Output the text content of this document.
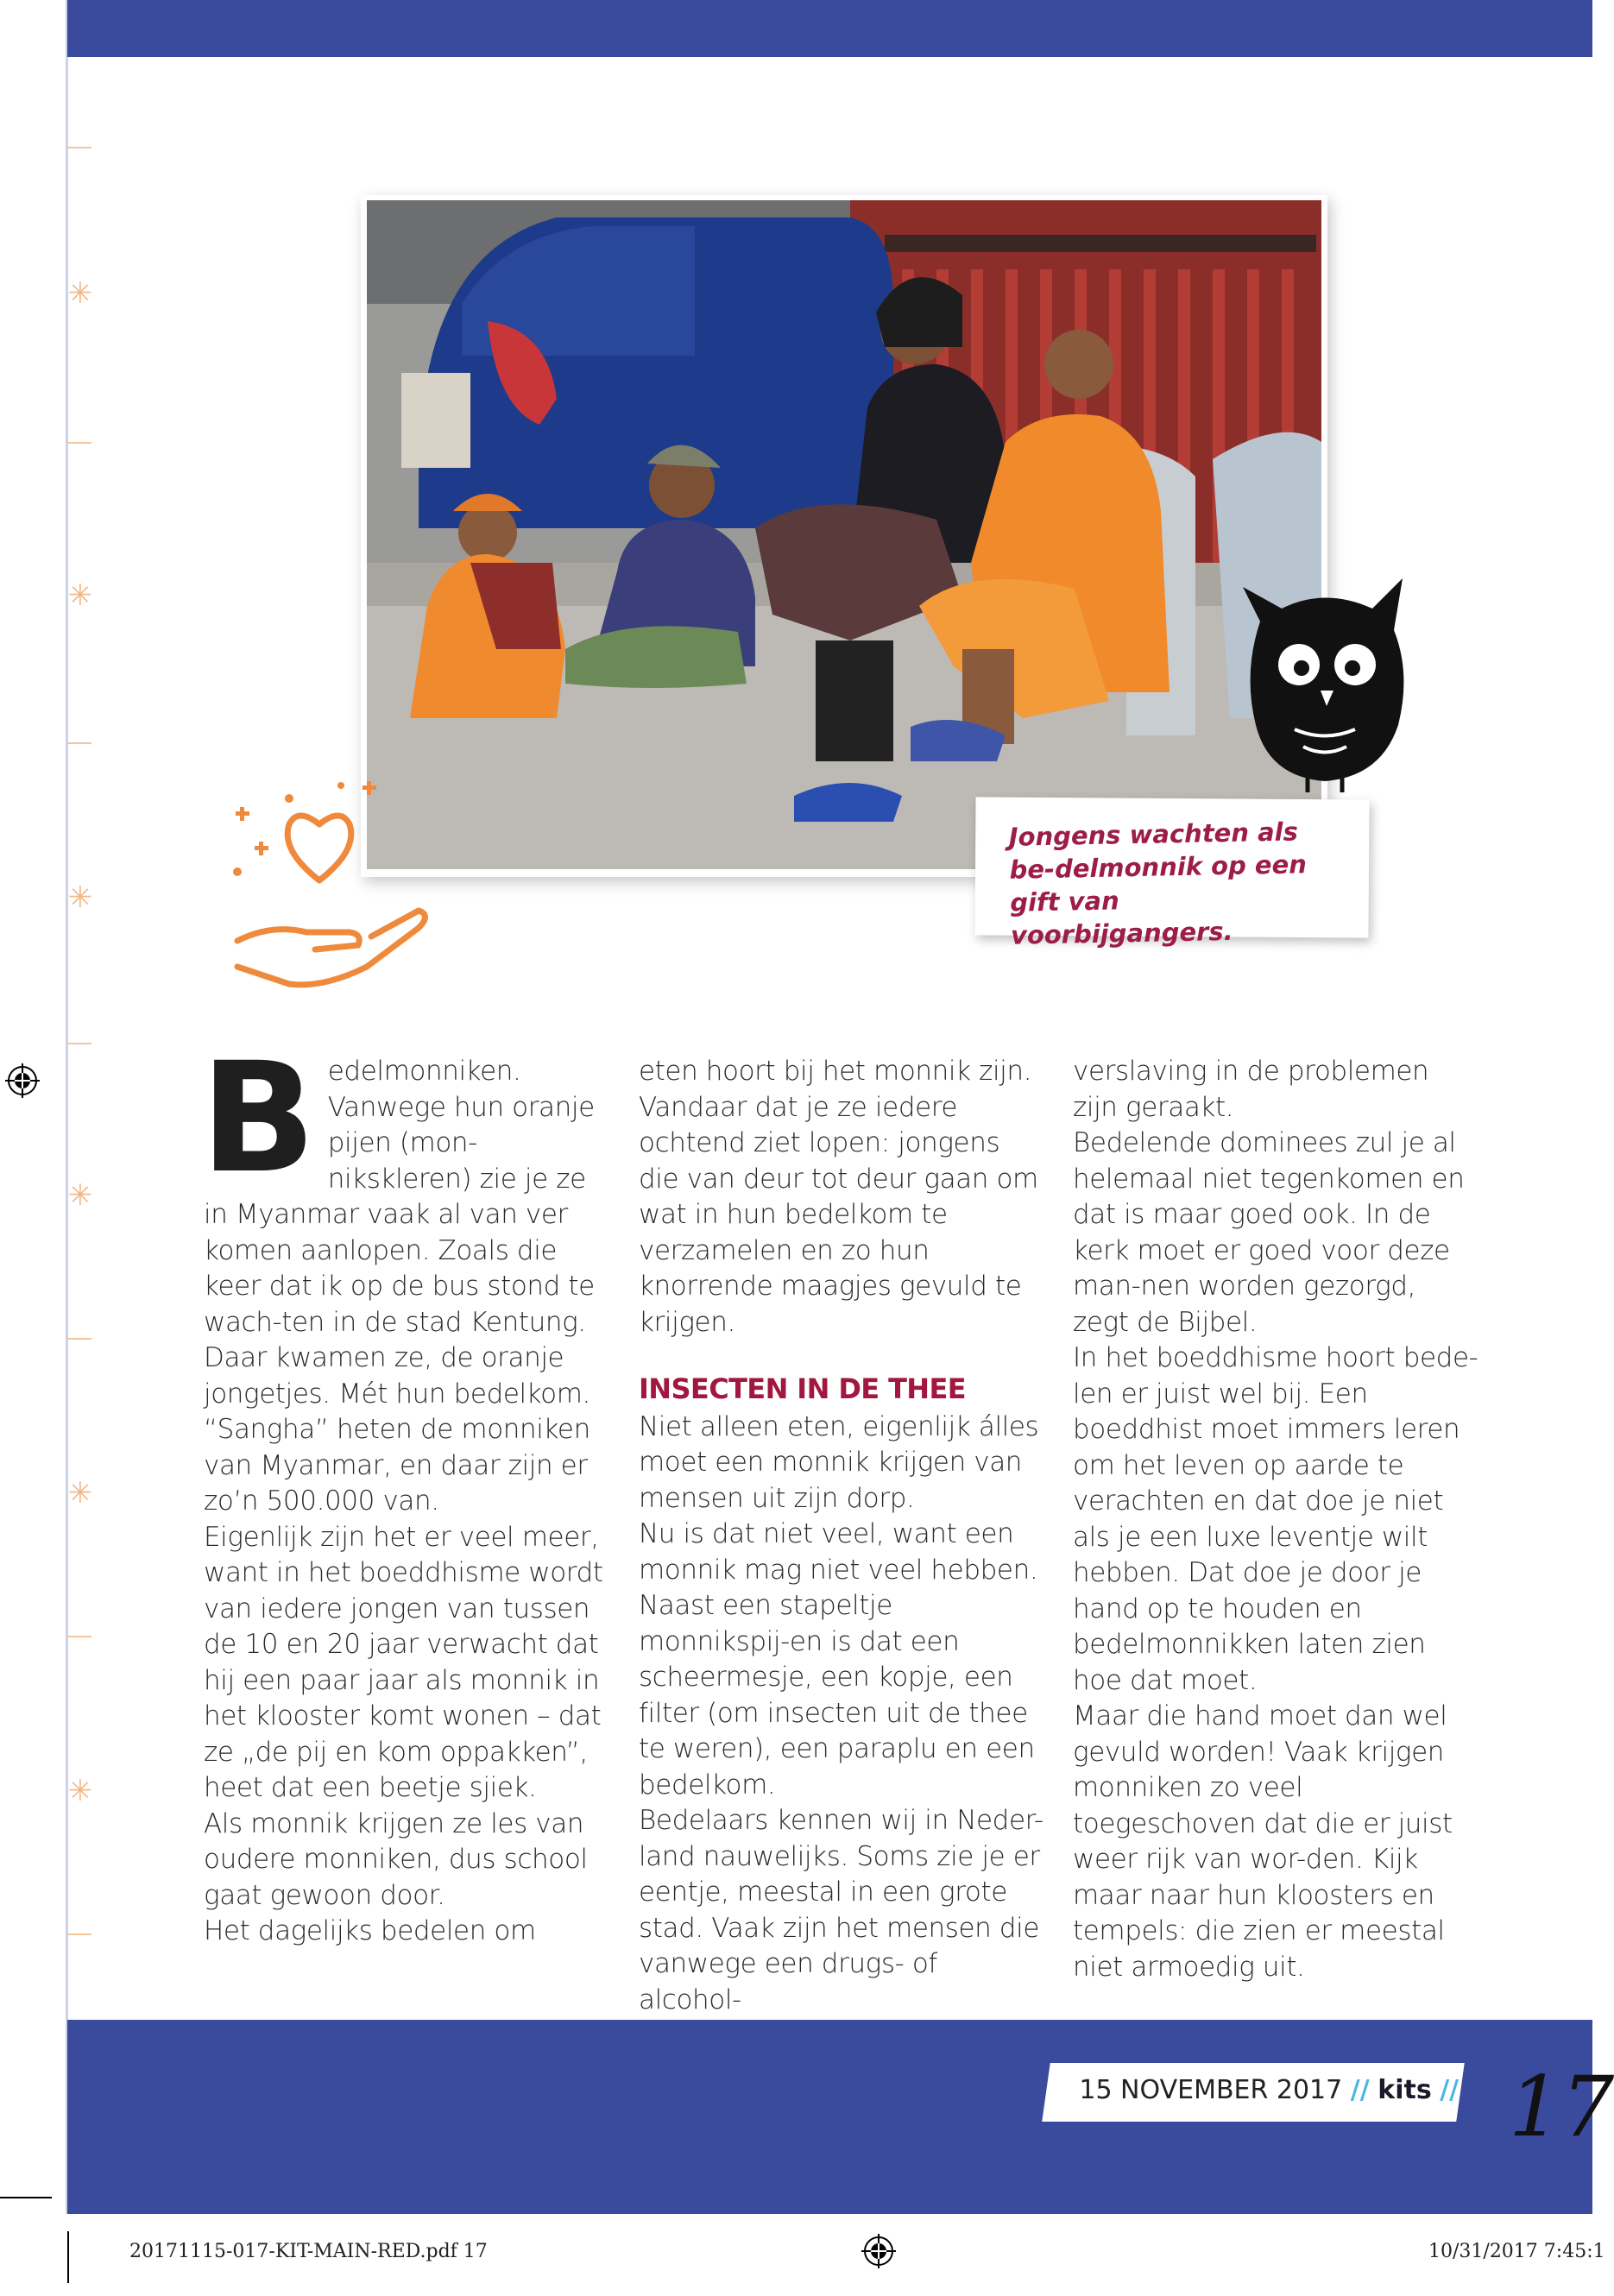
✳
✳
✳
✳
✳
✳
Jongens wachten als be-delmonnik op een gift van voorbijgangers.
B edelmonniken. Vanwege hun oranje pijen (mon-nikskleren) zie je ze in Myanmar vaak al van ver komen aanlopen. Zoals die keer dat ik op de bus stond te wach-ten in de stad Kentung. Daar kwamen ze, de oranje jongetjes. Mét hun bedelkom.

“Sangha” heten de monniken van Myanmar, en daar zijn er zo’n 500.000 van.

Eigenlijk zijn het er veel meer, want in het boeddhisme wordt van iedere jongen van tussen de 10 en 20 jaar verwacht dat hij een paar jaar als monnik in het klooster komt wonen – dat ze „de pij en kom oppakken”, heet dat een beetje sjiek.

Als monnik krijgen ze les van oudere monniken, dus school gaat gewoon door.

Het dagelijks bedelen om

eten hoort bij het monnik zijn. Vandaar dat je ze iedere ochtend ziet lopen: jongens die van deur tot deur gaan om wat in hun bedelkom te verzamelen en zo hun knorrende maagjes gevuld te krijgen.

INSECTEN IN DE THEE

Niet alleen eten, eigenlijk álles moet een monnik krijgen van mensen uit zijn dorp.

Nu is dat niet veel, want een monnik mag niet veel hebben. Naast een stapeltje monnikspij-en is dat een scheermesje, een kopje, een filter (om insecten uit de thee te weren), een paraplu en een bedelkom.

Bedelaars kennen wij in Neder-land nauwelijks. Soms zie je er eentje, meestal in een grote stad. Vaak zijn het mensen die vanwege een drugs- of alcohol-

verslaving in de problemen zijn geraakt.

Bedelende dominees zul je al helemaal niet tegenkomen en dat is maar goed ook. In de kerk moet er goed voor deze man-nen worden gezorgd, zegt de Bijbel.

In het boeddhisme hoort bede-len er juist wel bij. Een boeddhist moet immers leren om het leven op aarde te verachten en dat doe je niet als je een luxe leventje wilt hebben. Dat doe je door je hand op te houden en bedelmonnikken laten zien hoe dat moet.

Maar die hand moet dan wel gevuld worden! Vaak krijgen monniken zo veel toegeschoven dat die er juist weer rijk van wor-den. Kijk maar naar hun kloosters en tempels: die zien er meestal niet armoedig uit.

15 NOVEMBER 2017 // kits // 17
20171115-017-KIT-MAIN-RED.pdf 17	10/31/2017 7:45:1
